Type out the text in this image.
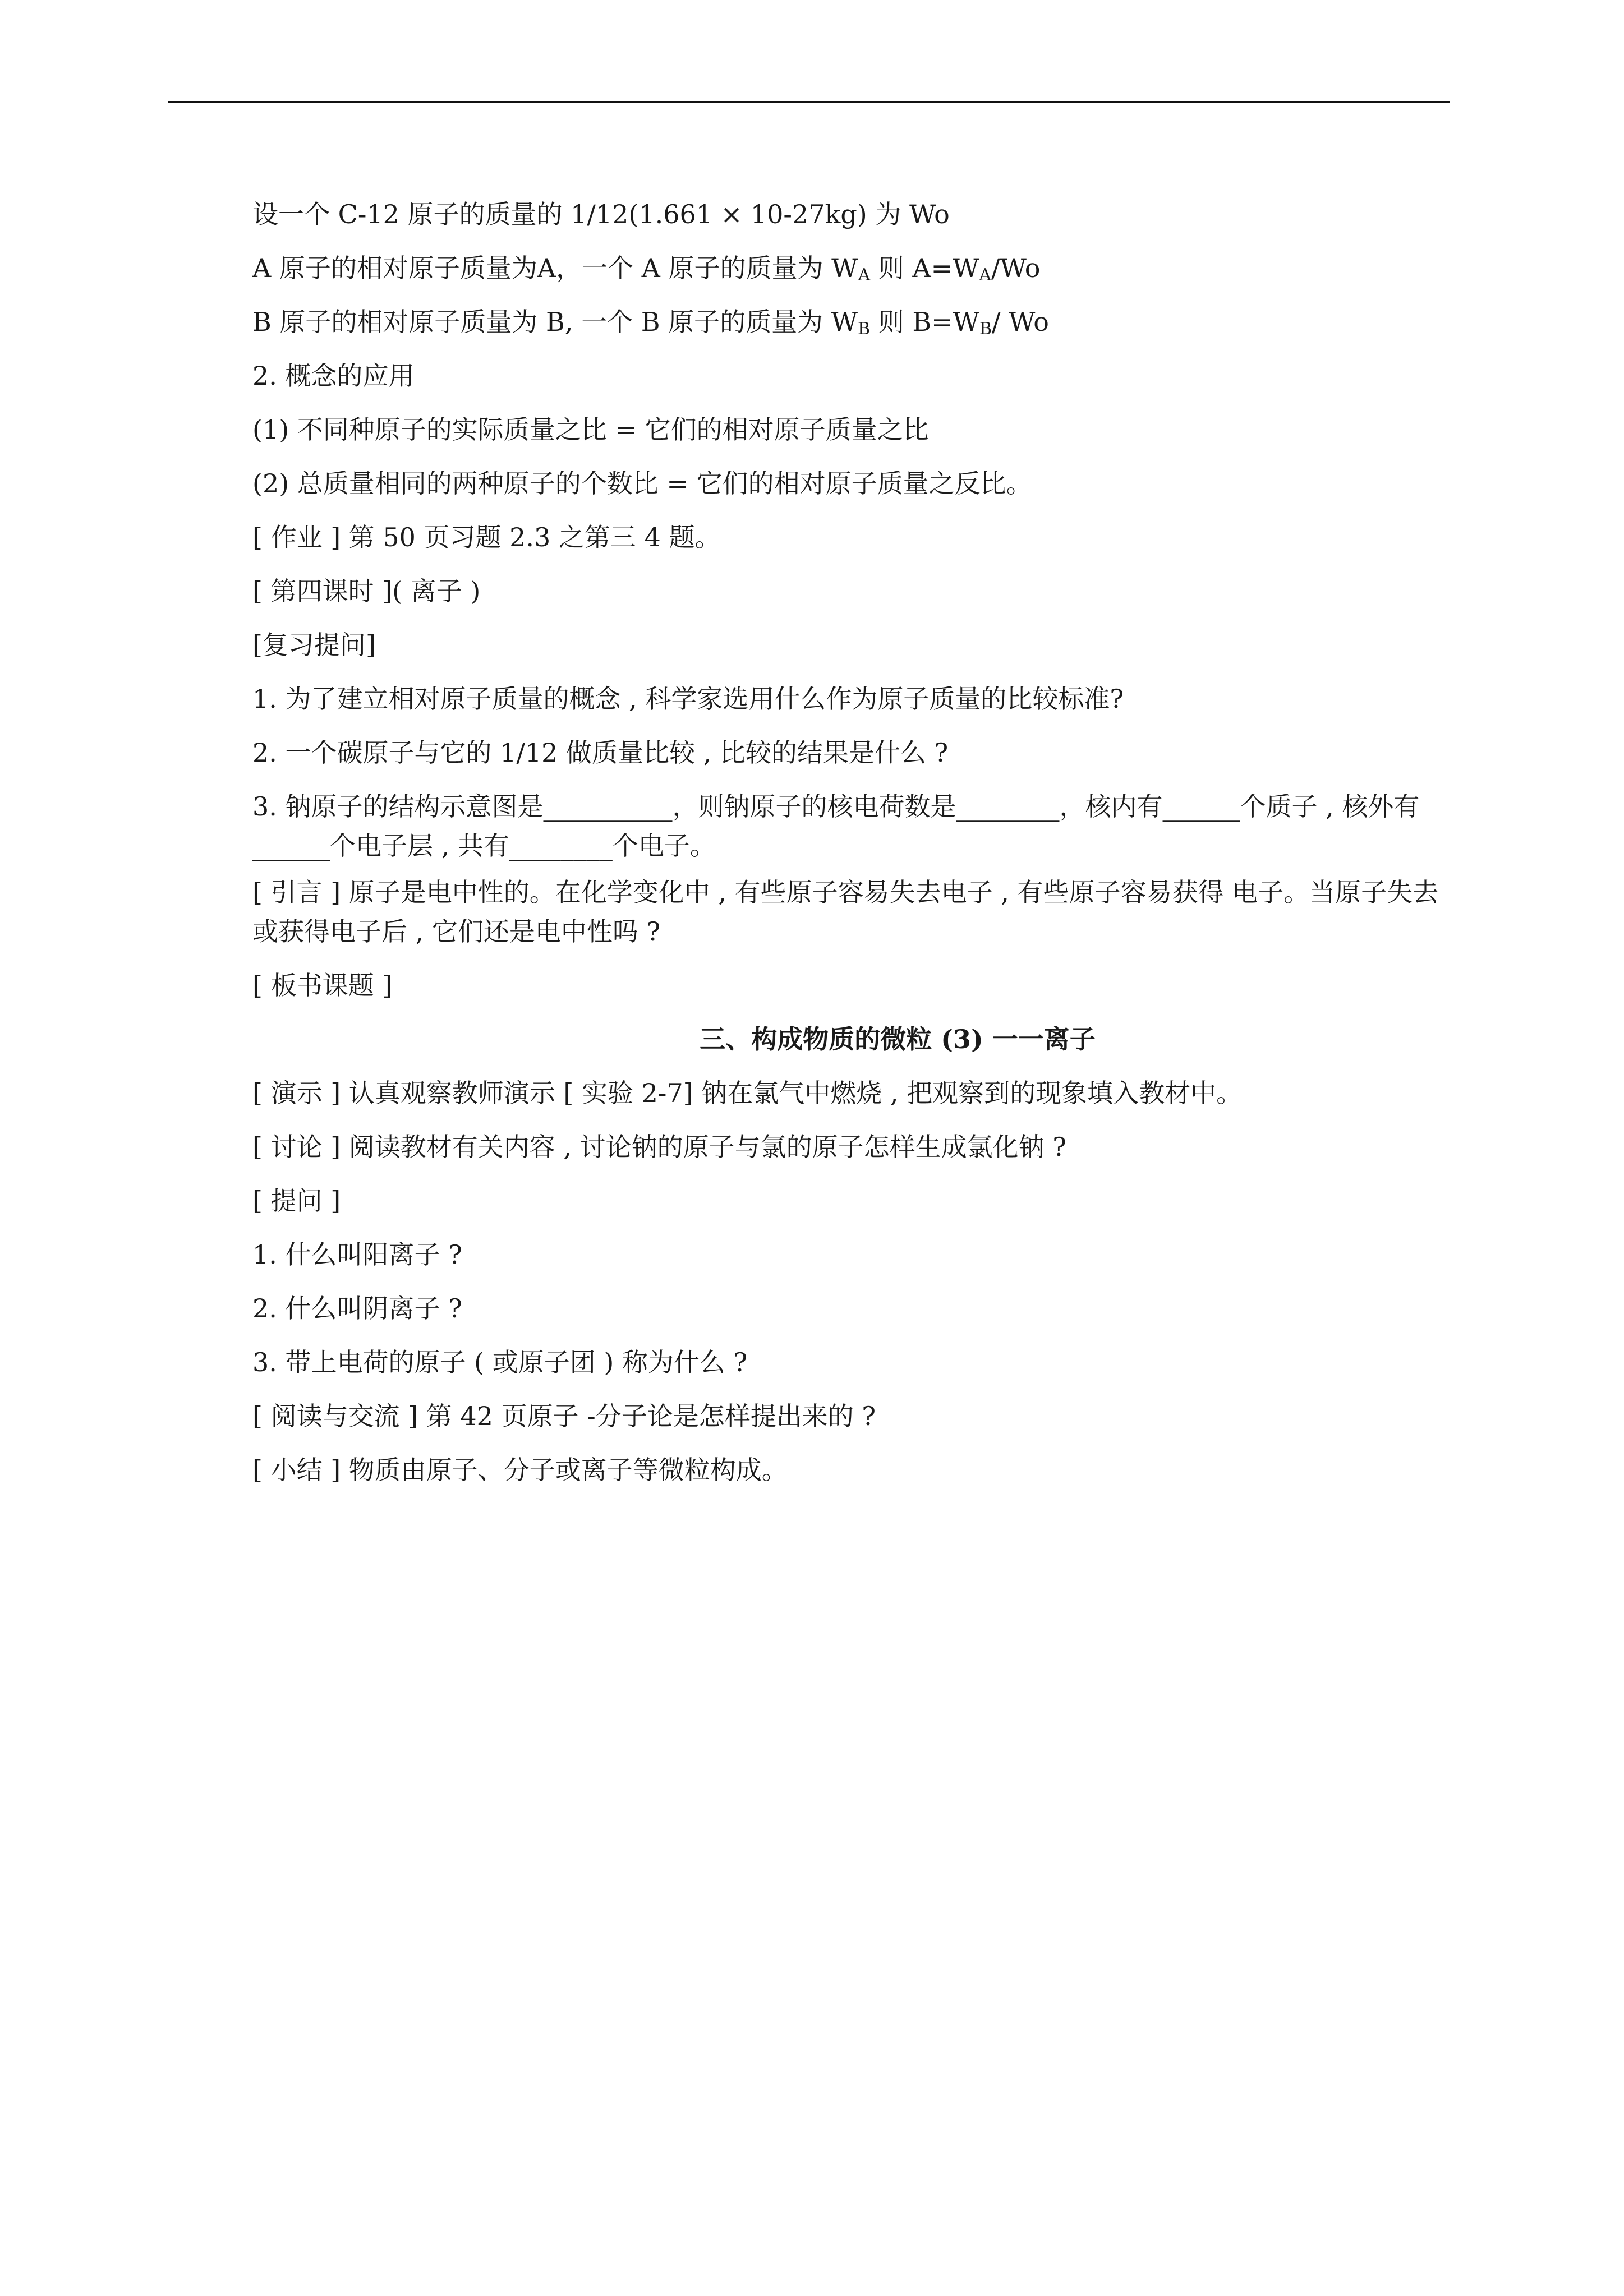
设一个 C-12 原子的质量的 1/12(1.661 × 10-27kg) 为 Wo
A 原子的相对原子质量为A，一个 A 原子的质量为 $W_A$ 则 $A=W_A/Wo$
B 原子的相对原子质量为 B, 一个 B 原子的质量为 $W_B$ 则 $B=W_B/$ Wo
2. 概念的应用
(1) 不同种原子的实际质量之比 = 它们的相对原子质量之比
(2) 总质量相同的两种原子的个数比 = 它们的相对原子质量之反比。
[ 作业 ] 第 50 页习题 2.3 之第三 4 题。
[ 第四课时 ]( 离子 )
[复习提问]
1. 为了建立相对原子质量的概念 , 科学家选用什么作为原子质量的比较标准?
2. 一个碳原子与它的 1/12 做质量比较 , 比较的结果是什么 ?
3. 钠原子的结构示意图是__________，则钠原子的核电荷数是________，核内有______个质子 , 核外有______个电子层 , 共有________个电子。
[ 引言 ] 原子是电中性的。在化学变化中 , 有些原子容易失去电子 , 有些原子容易获得 电子。当原子失去或获得电子后 , 它们还是电中性吗 ?
[ 板书课题 ]
三、构成物质的微粒 (3) 一一离子
[ 演示 ] 认真观察教师演示 [ 实验 2-7] 钠在氯气中燃烧 , 把观察到的现象填入教材中。
[ 讨论 ] 阅读教材有关内容 , 讨论钠的原子与氯的原子怎样生成氯化钠 ?
[ 提问 ]
1. 什么叫阳离子 ?
2. 什么叫阴离子 ?
3. 带上电荷的原子 ( 或原子团 ) 称为什么 ?
[ 阅读与交流 ] 第 42 页原子 -分子论是怎样提出来的 ?
[ 小结 ] 物质由原子、分子或离子等微粒构成。
